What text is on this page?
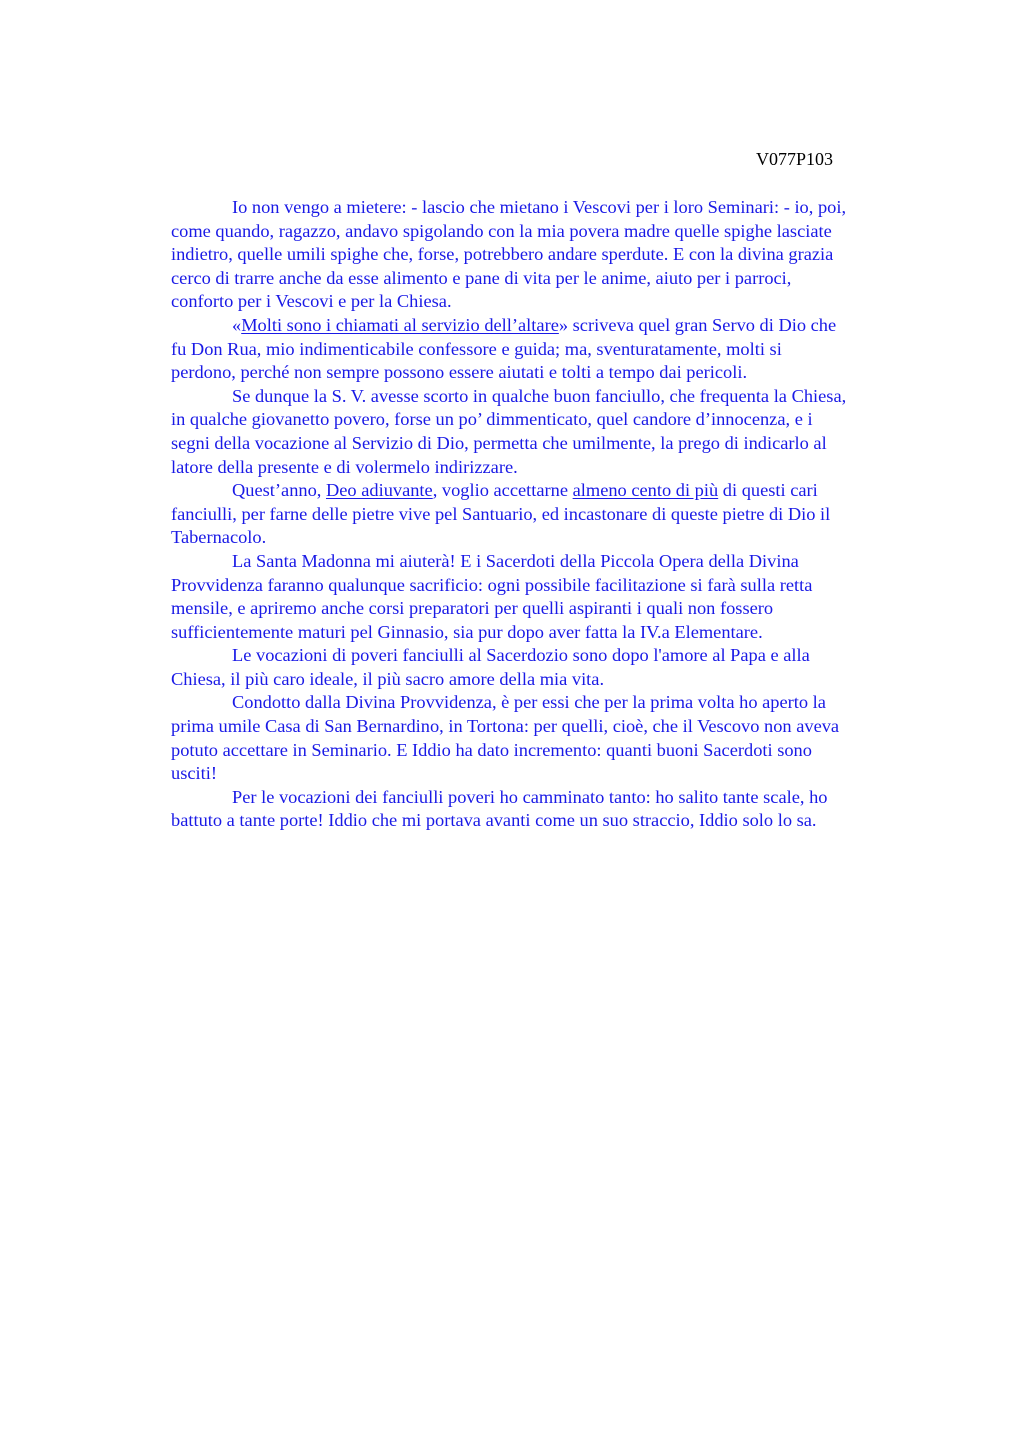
V077P103

Io non vengo a mietere: - lascio che mietano i Vescovi per i loro Seminari: - io, poi,
come quando, ragazzo, andavo spigolando con la mia povera madre quelle spighe lasciate
indietro, quelle umili spighe che, forse, potrebbero andare sperdute. E con la divina grazia
cerco di trarre anche da esse alimento e pane di vita per le anime, aiuto per i parroci,
conforto per i Vescovi e per la Chiesa.

«Molti sono i chiamati al servizio dell’altare» scriveva quel gran Servo di Dio che
fu Don Rua, mio indimenticabile confessore e guida; ma, sventuratamente, molti si
perdono, perché non sempre possono essere aiutati e tolti a tempo dai pericoli.

Se dunque la S. V. avesse scorto in qualche buon fanciullo, che frequenta la Chiesa,
in qualche giovanetto povero, forse un po’ dimmenticato, quel candore d’innocenza, e i
segni della vocazione al Servizio di Dio, permetta che umilmente, la prego di indicarlo al
latore della presente e di volermelo indirizzare.

Quest’anno, Deo adiuvante, voglio accettarne almeno cento di più di questi cari
fanciulli, per farne delle pietre vive pel Santuario, ed incastonare di queste pietre di Dio il
Tabernacolo.

La Santa Madonna mi aiuterà! E i Sacerdoti della Piccola Opera della Divina
Provvidenza faranno qualunque sacrificio: ogni possibile facilitazione si farà sulla retta
mensile, e apriremo anche corsi preparatori per quelli aspiranti i quali non fossero
sufficientemente maturi pel Ginnasio, sia pur dopo aver fatta la IV.a Elementare.

Le vocazioni di poveri fanciulli al Sacerdozio sono dopo l'amore al Papa e alla
Chiesa, il più caro ideale, il più sacro amore della mia vita.

Condotto dalla Divina Provvidenza, è per essi che per la prima volta ho aperto la
prima umile Casa di San Bernardino, in Tortona: per quelli, cioè, che il Vescovo non aveva
potuto accettare in Seminario. E Iddio ha dato incremento: quanti buoni Sacerdoti sono
usciti!

Per le vocazioni dei fanciulli poveri ho camminato tanto: ho salito tante scale, ho
battuto a tante porte! Iddio che mi portava avanti come un suo straccio, Iddio solo lo sa.
